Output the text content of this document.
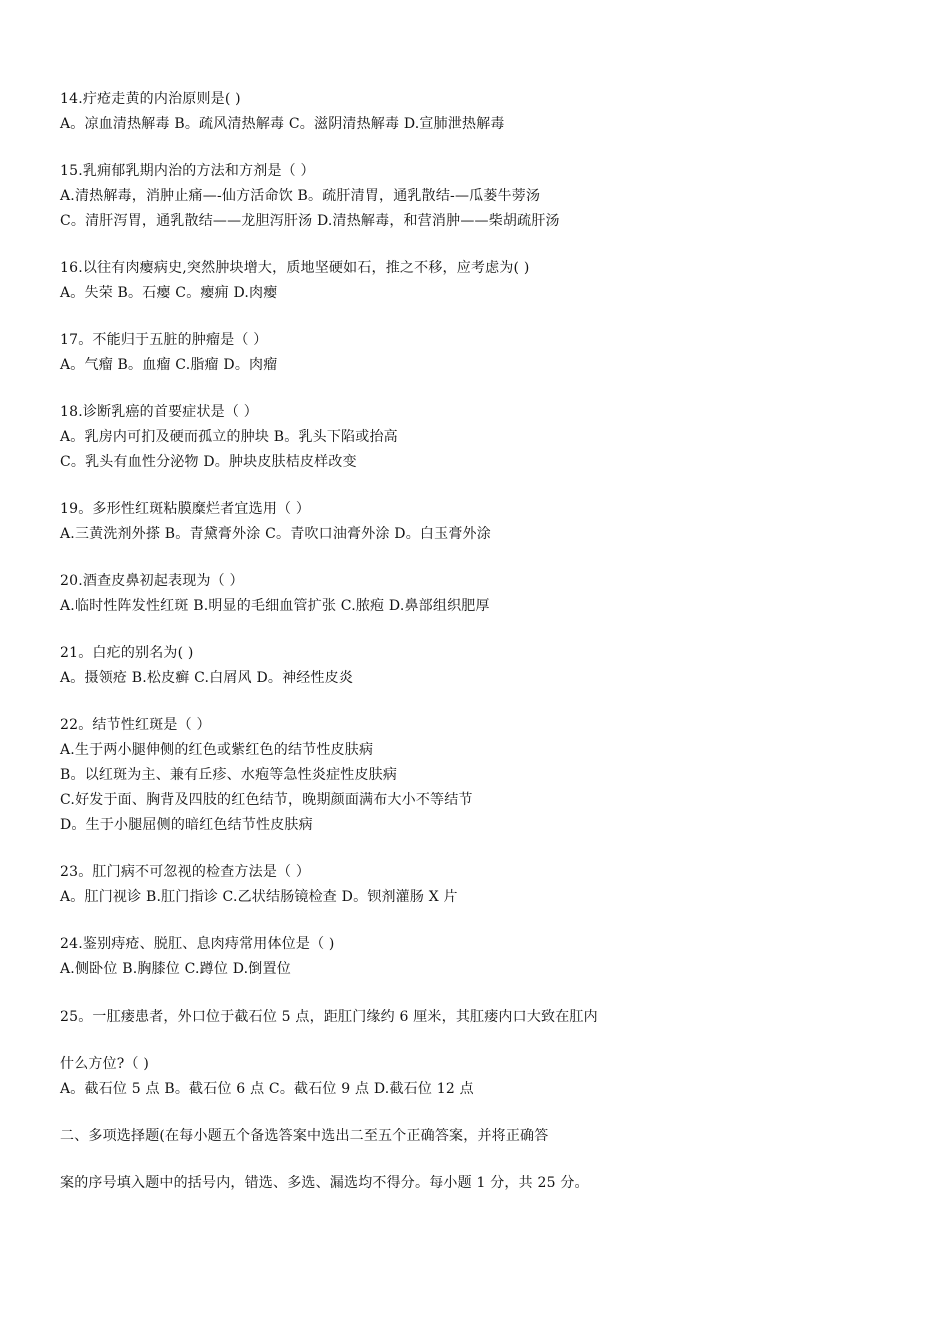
14.疔疮走黄的内治原则是( )
A。凉血清热解毒 B。疏风清热解毒 C。滋阴清热解毒 D.宣肺泄热解毒
15.乳痈郁乳期内治的方法和方剂是（ ）
A.清热解毒，消肿止痛—-仙方活命饮 B。疏肝清胃，通乳散结-—瓜蒌牛蒡汤
C。清肝泻胃，通乳散结——龙胆泻肝汤 D.清热解毒，和营消肿——柴胡疏肝汤
16.以往有肉瘿病史,突然肿块增大，质地坚硬如石，推之不移，应考虑为( )
A。失荣 B。石瘿 C。瘿痈 D.肉瘿
17。不能归于五脏的肿瘤是（ ）
A。气瘤 B。血瘤 C.脂瘤 D。肉瘤
18.诊断乳癌的首要症状是（ ）
A。乳房内可扪及硬而孤立的肿块 B。乳头下陷或抬高
C。乳头有血性分泌物 D。肿块皮肤桔皮样改变
19。多形性红斑粘膜糜烂者宜选用（ ）
A.三黄洗剂外搽 B。青黛膏外涂 C。青吹口油膏外涂 D。白玉膏外涂
20.酒查皮鼻初起表现为（ ）
A.临时性阵发性红斑 B.明显的毛细血管扩张 C.脓疱 D.鼻部组织肥厚
21。白疕的别名为( )
A。摄领疮 B.松皮癣 C.白屑风 D。神经性皮炎
22。结节性红斑是（ ）
A.生于两小腿伸侧的红色或紫红色的结节性皮肤病
B。以红斑为主、兼有丘疹、水疱等急性炎症性皮肤病
C.好发于面、胸背及四肢的红色结节，晚期颜面满布大小不等结节
D。生于小腿屈侧的暗红色结节性皮肤病
23。肛门病不可忽视的检查方法是（ ）
A。肛门视诊 B.肛门指诊 C.乙状结肠镜检查 D。钡剂灌肠 X 片
24.鉴别痔疮、脱肛、息肉痔常用体位是（ )
A.侧卧位 B.胸膝位 C.蹲位 D.倒置位
25。一肛瘘患者，外口位于截石位 5 点，距肛门缘约 6 厘米，其肛瘘内口大致在肛内
什么方位?（ )
A。截石位 5 点 B。截石位 6 点 C。截石位 9 点 D.截石位 12 点
二、多项选择题(在每小题五个备选答案中选出二至五个正确答案，并将正确答
案的序号填入题中的括号内，错选、多选、漏选均不得分。每小题 1 分，共 25 分。
